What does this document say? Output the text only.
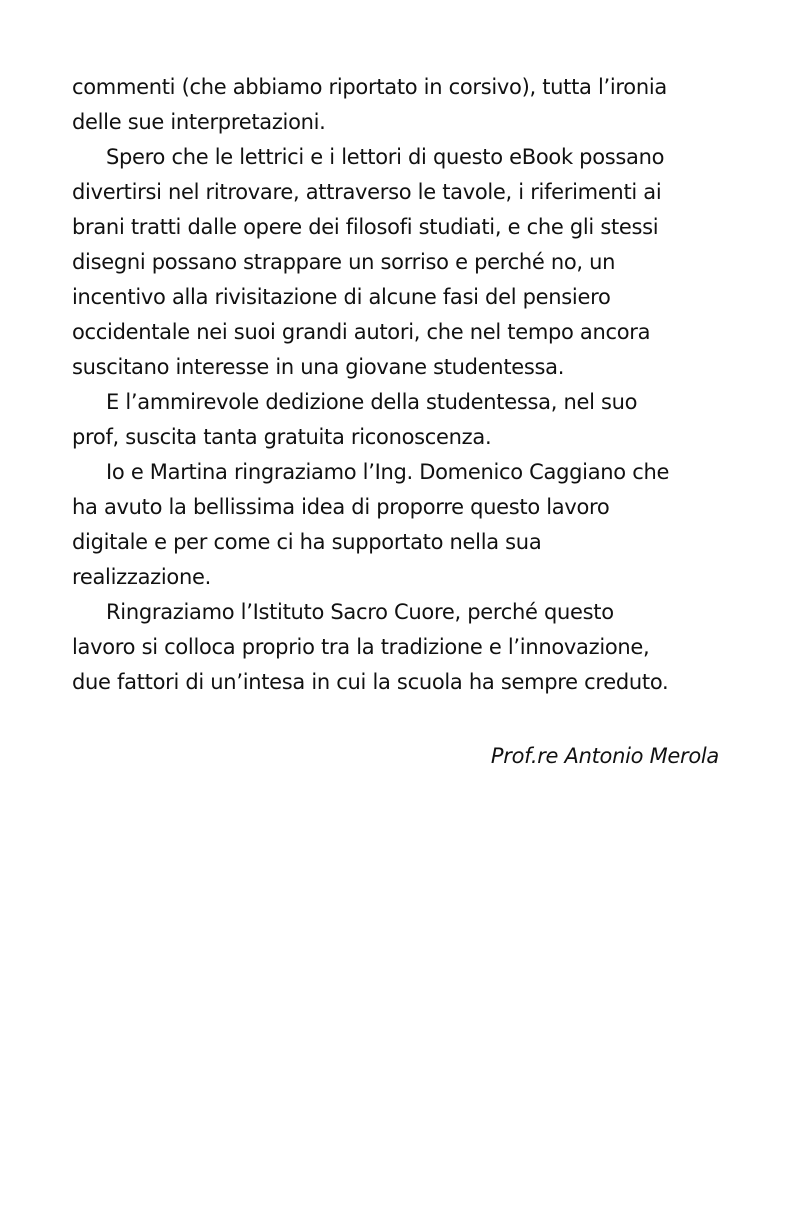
commenti (che abbiamo riportato in corsivo), tutta l’ironia
delle sue interpretazioni.
Spero che le lettrici e i lettori di questo eBook possano
divertirsi nel ritrovare, attraverso le tavole, i riferimenti ai
brani tratti dalle opere dei filosofi studiati, e che gli stessi
disegni possano strappare un sorriso e perché no, un
incentivo alla rivisitazione di alcune fasi del pensiero
occidentale nei suoi grandi autori, che nel tempo ancora
suscitano interesse in una giovane studentessa.
E l’ammirevole dedizione della studentessa, nel suo
prof, suscita tanta gratuita riconoscenza.
Io e Martina ringraziamo l’Ing. Domenico Caggiano che
ha avuto la bellissima idea di proporre questo lavoro
digitale e per come ci ha supportato nella sua
realizzazione.
Ringraziamo l’Istituto Sacro Cuore, perché questo
lavoro si colloca proprio tra la tradizione e l’innovazione,
due fattori di un’intesa in cui la scuola ha sempre creduto.
Prof.re Antonio Merola
